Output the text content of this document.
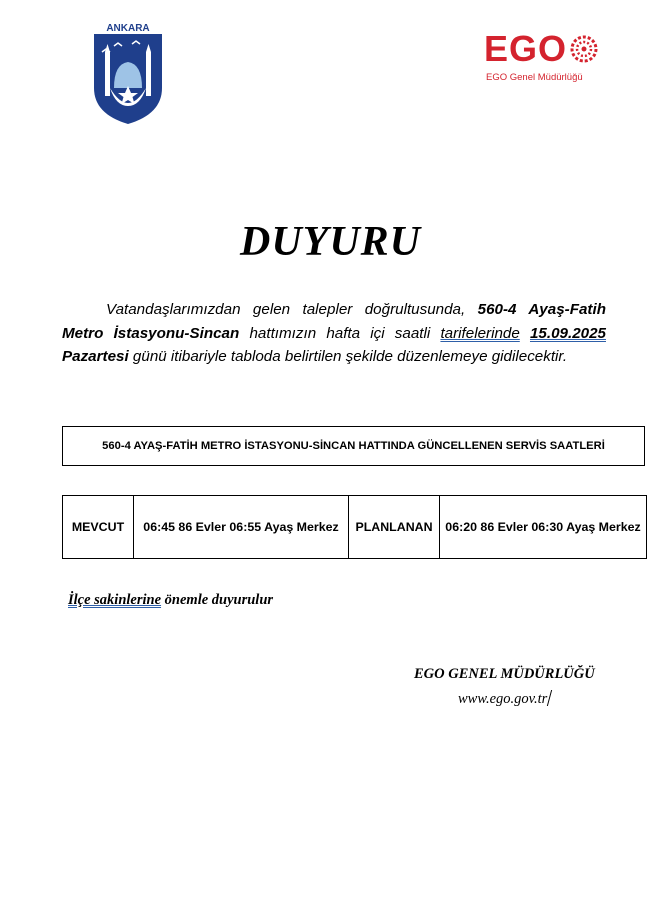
ANKARA	EGO
EGO Genel Müdürlüğü
DUYURU
Vatandaşlarımızdan gelen talepler doğrultusunda, 560-4 Ayaş-Fatih Metro İstasyonu-Sincan hattımızın hafta içi saatli tarifelerinde 15.09.2025 Pazartesi günü itibariyle tabloda belirtilen şekilde düzenlemeye gidilecektir.
560-4 AYAŞ-FATİH METRO İSTASYONU-SİNCAN HATTINDA GÜNCELLENEN SERVİS SAATLERİ
MEVCUT	06:45 86 Evler 06:55 Ayaş Merkez	PLANLANAN	06:20 86 Evler 06:30 Ayaş Merkez
İlçe sakinlerine önemle duyurulur
EGO GENEL MÜDÜRLÜĞÜ
www.ego.gov.tr
